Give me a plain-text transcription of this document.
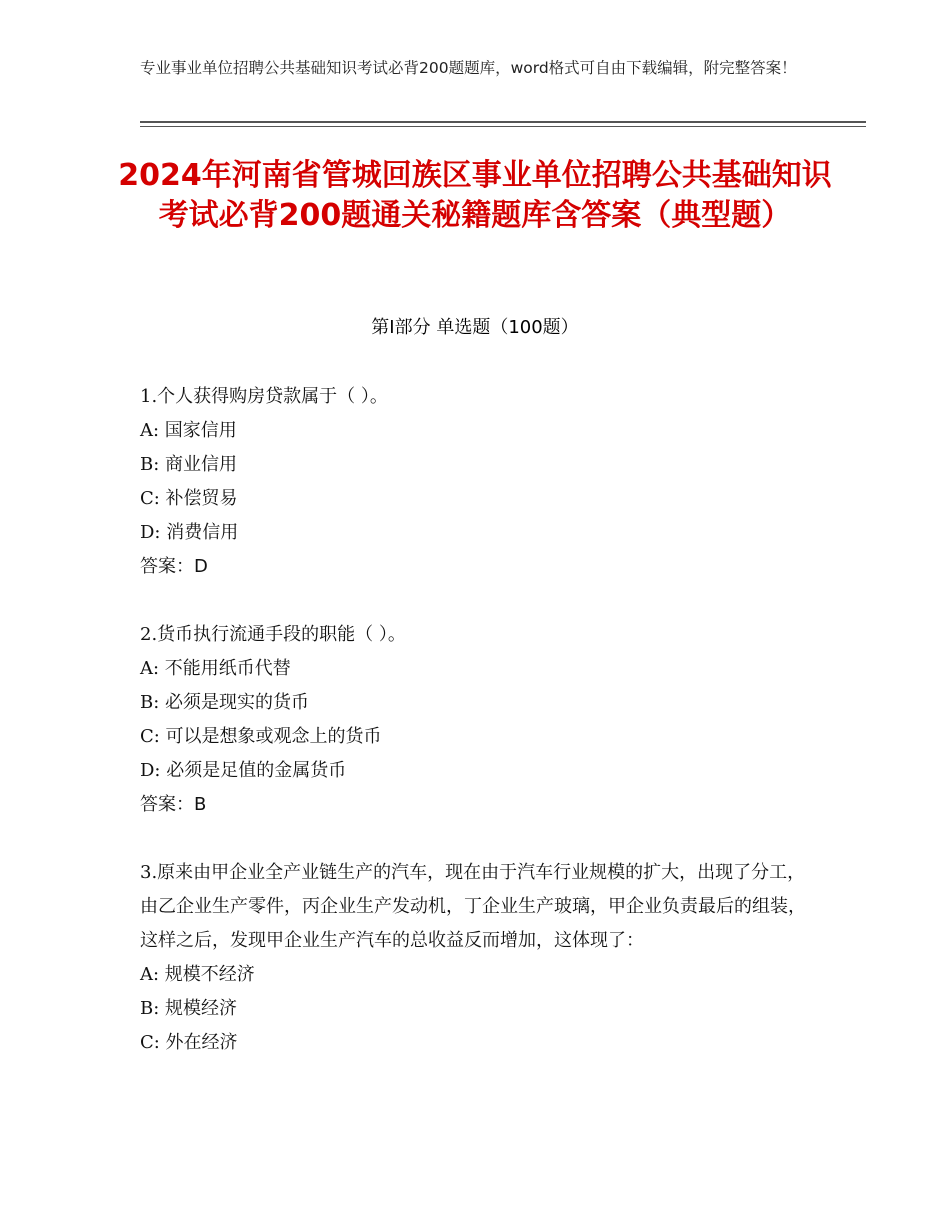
专业事业单位招聘公共基础知识考试必背200题题库，word格式可自由下载编辑，附完整答案！
2024年河南省管城回族区事业单位招聘公共基础知识考试必背200题通关秘籍题库含答案（典型题）
第Ⅰ部分 单选题（100题）

1.个人获得购房贷款属于（ ）。

A: 国家信用

B: 商业信用

C: 补偿贸易

D: 消费信用

答案：D

2.货币执行流通手段的职能（ ）。

A: 不能用纸币代替

B: 必须是现实的货币

C: 可以是想象或观念上的货币

D: 必须是足值的金属货币

答案：B

3.原来由甲企业全产业链生产的汽车，现在由于汽车行业规模的扩大，出现了分工，由乙企业生产零件，丙企业生产发动机，丁企业生产玻璃，甲企业负责最后的组装，这样之后，发现甲企业生产汽车的总收益反而增加，这体现了：

A: 规模不经济

B: 规模经济

C: 外在经济
